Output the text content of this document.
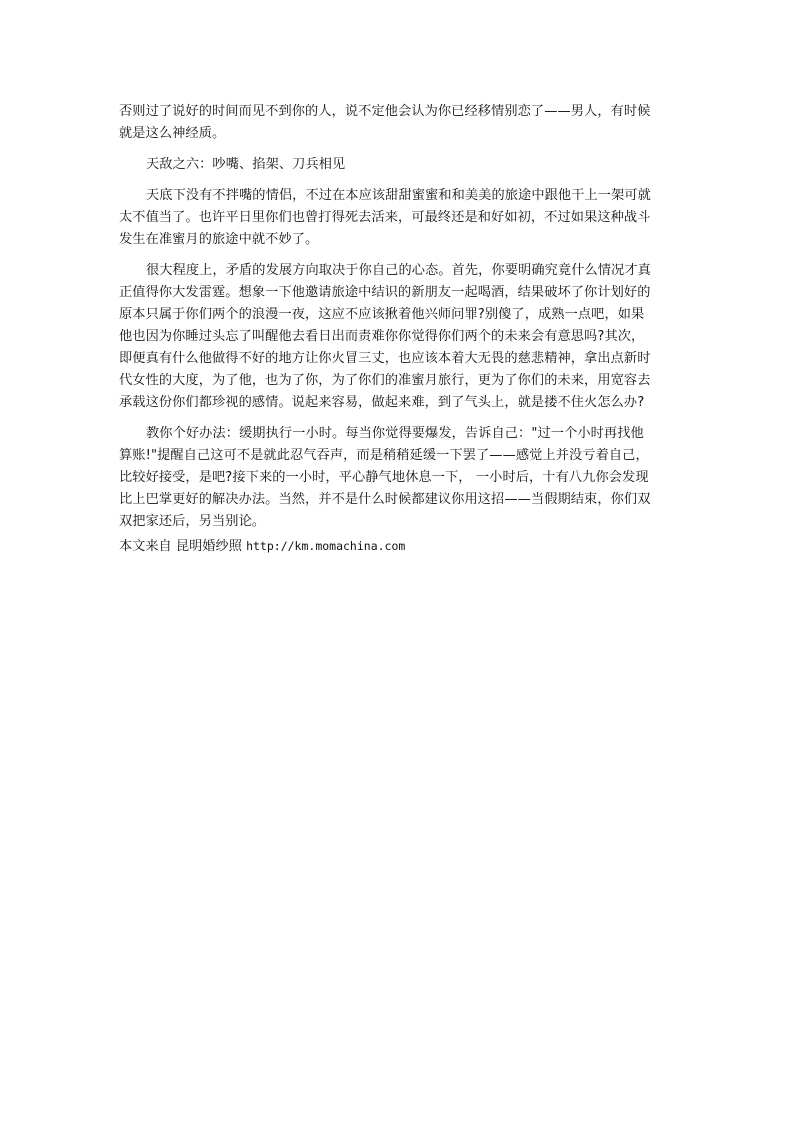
否则过了说好的时间而见不到你的人，说不定他会认为你已经移情别恋了——男人，有时候
就是这么神经质。
天敌之六：吵嘴、掐架、刀兵相见
天底下没有不拌嘴的情侣，不过在本应该甜甜蜜蜜和和美美的旅途中跟他干上一架可就
太不值当了。也许平日里你们也曾打得死去活来，可最终还是和好如初，不过如果这种战斗
发生在准蜜月的旅途中就不妙了。
很大程度上，矛盾的发展方向取决于你自己的心态。首先，你要明确究竟什么情况才真
正值得你大发雷霆。想象一下他邀请旅途中结识的新朋友一起喝酒，结果破坏了你计划好的
原本只属于你们两个的浪漫一夜，这应不应该揪着他兴师问罪?别傻了，成熟一点吧，如果
他也因为你睡过头忘了叫醒他去看日出而责难你你觉得你们两个的未来会有意思吗?其次，
即便真有什么他做得不好的地方让你火冒三丈，也应该本着大无畏的慈悲精神，拿出点新时
代女性的大度，为了他，也为了你，为了你们的准蜜月旅行，更为了你们的未来，用宽容去
承载这份你们都珍视的感情。说起来容易，做起来难，到了气头上，就是搂不住火怎么办?
教你个好办法：缓期执行一小时。每当你觉得要爆发，告诉自己："过一个小时再找他
算账!"提醒自己这可不是就此忍气吞声，而是稍稍延缓一下罢了——感觉上并没亏着自己，
比较好接受，是吧?接下来的一小时，平心静气地休息一下， 一小时后，十有八九你会发现
比上巴掌更好的解决办法。当然，并不是什么时候都建议你用这招——当假期结束，你们双
双把家还后，另当别论。
本文来自 昆明婚纱照 http://km.momachina.com
